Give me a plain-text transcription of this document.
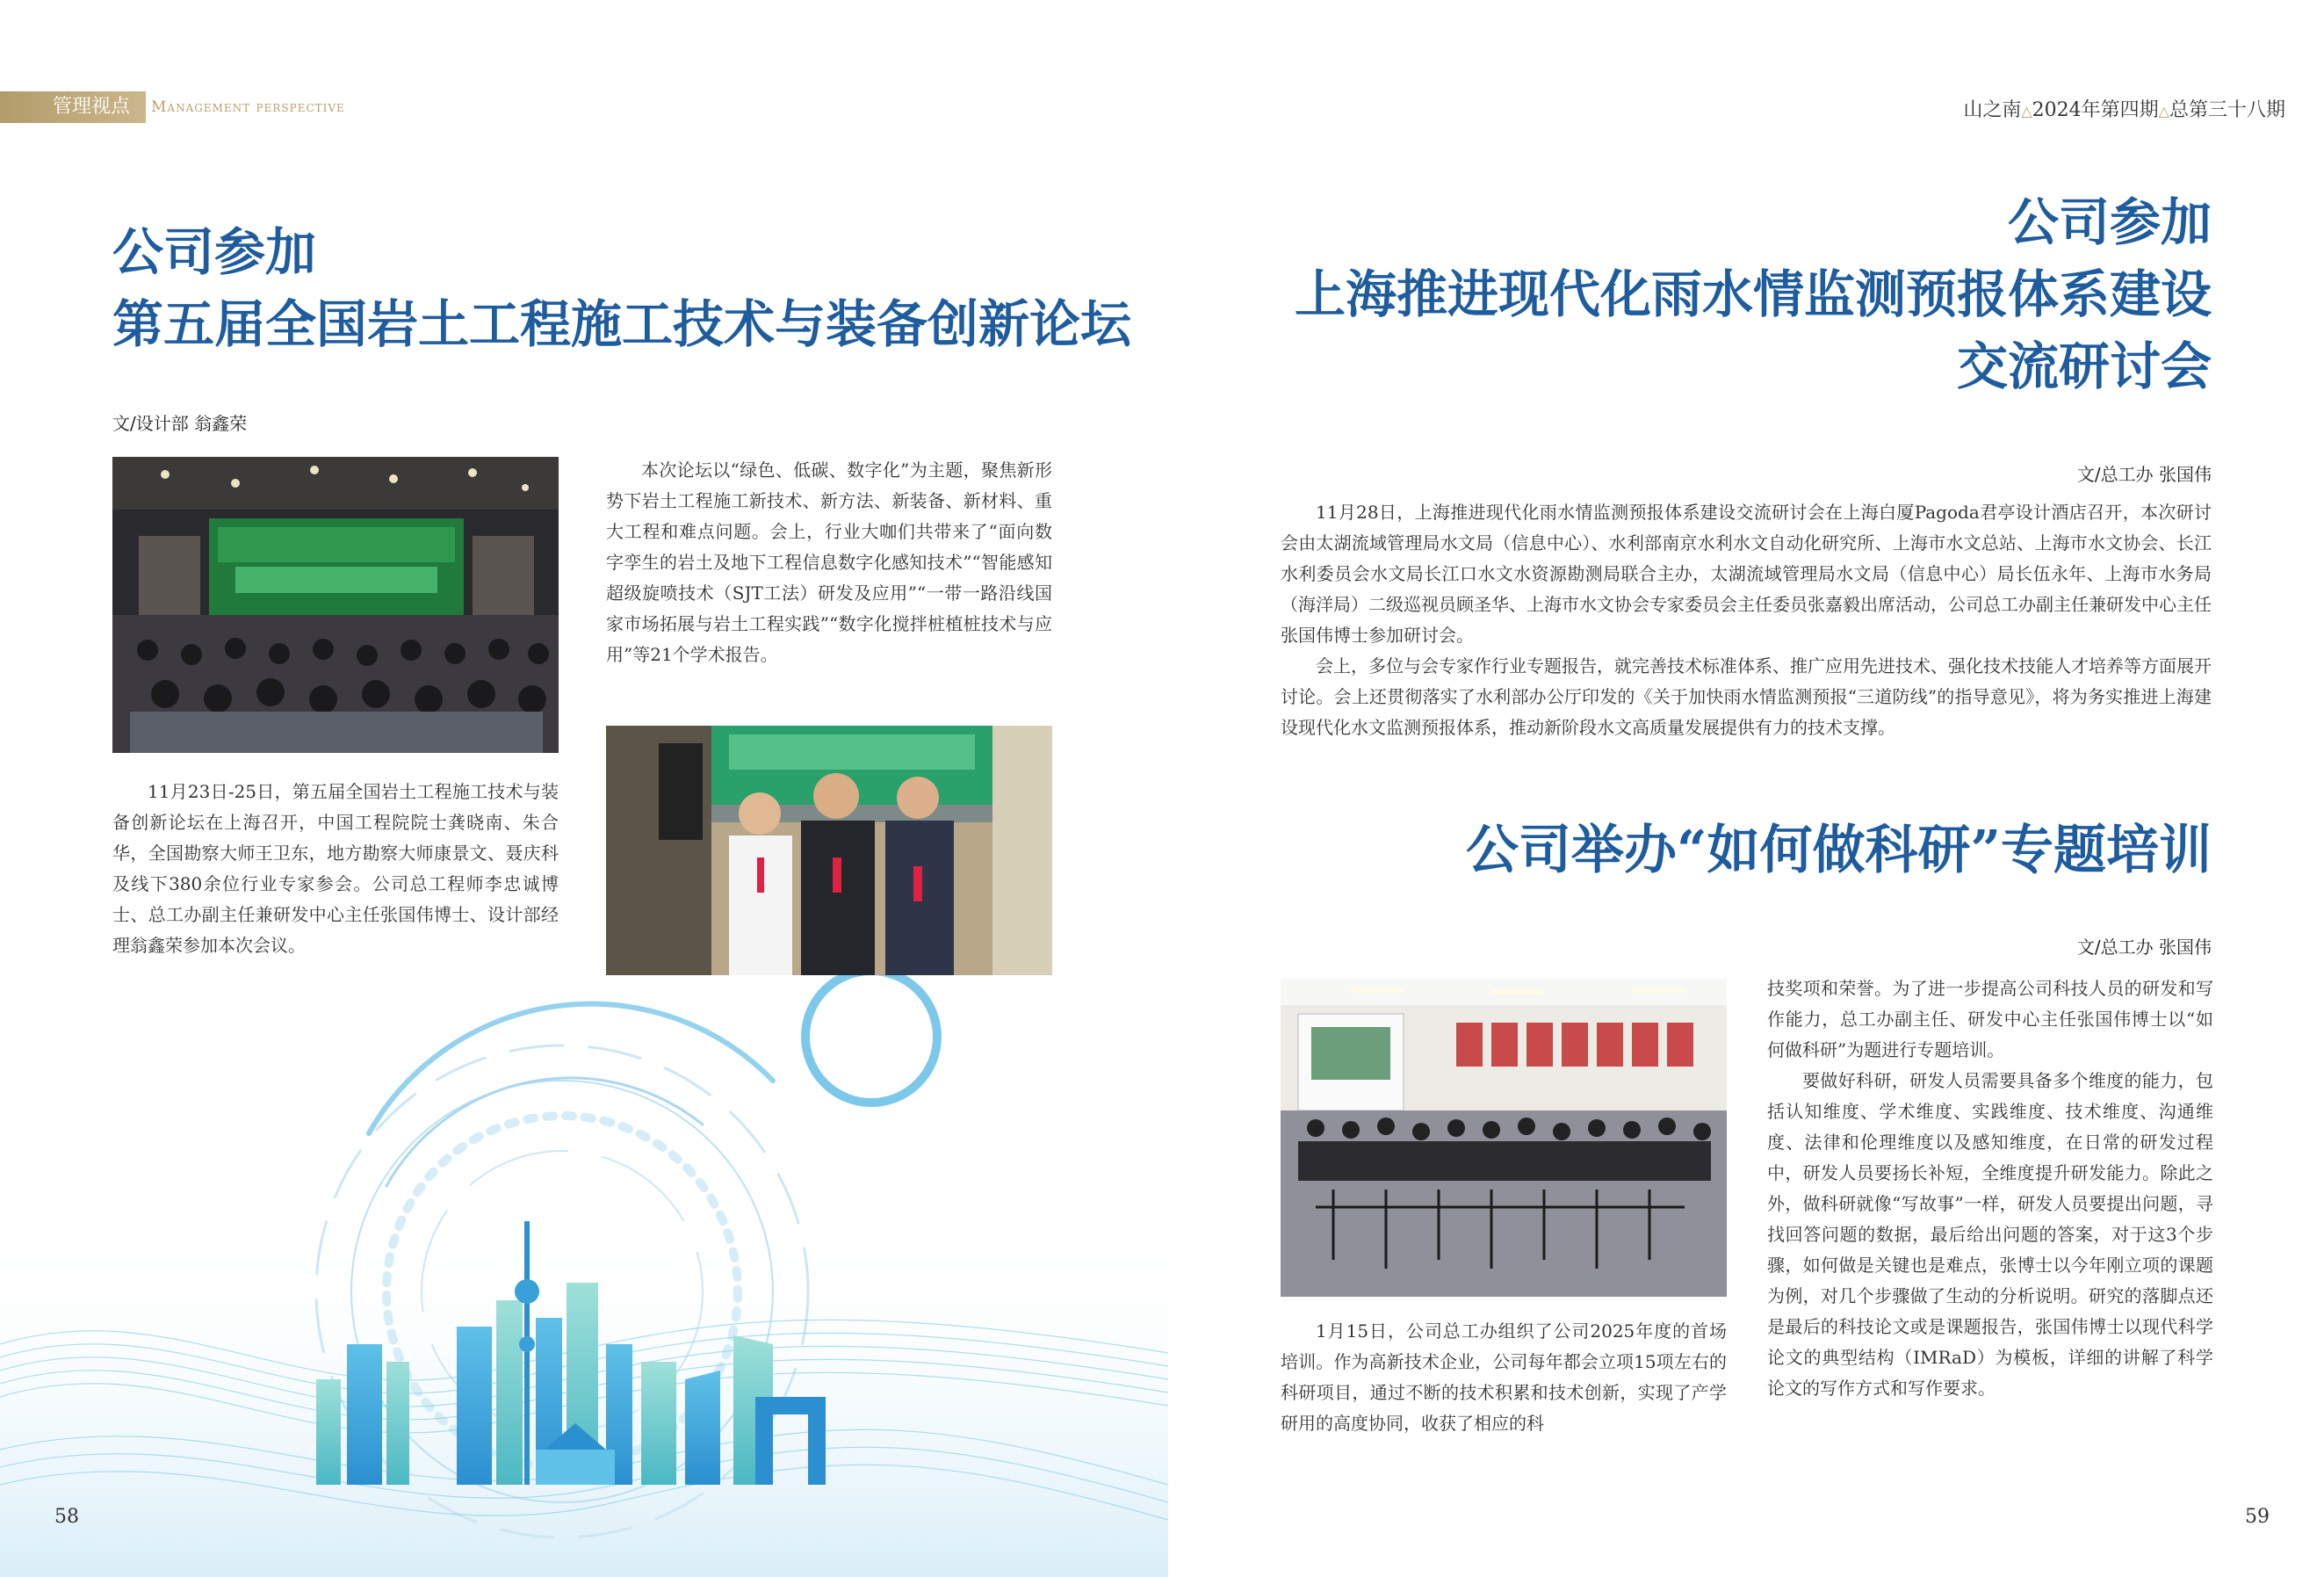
管理视点	Management perspective	山之南△2024年第四期△总第三十八期
公司参加
第五届全国岩土工程施工技术与装备创新论坛
文/设计部 翁鑫荣
本次论坛以“绿色、低碳、数字化”为主题，聚焦新形势下岩土工程施工新技术、新方法、新装备、新材料、重大工程和难点问题。会上，行业大咖们共带来了“面向数字孪生的岩土及地下工程信息数字化感知技术”“智能感知超级旋喷技术（SJT工法）研发及应用”“一带一路沿线国家市场拓展与岩土工程实践”“数字化搅拌桩植桩技术与应用”等21个学术报告。
11月23日-25日，第五届全国岩土工程施工技术与装备创新论坛在上海召开，中国工程院院士龚晓南、朱合华，全国勘察大师王卫东，地方勘察大师康景文、聂庆科及线下380余位行业专家参会。公司总工程师李忠诚博士、总工办副主任兼研发中心主任张国伟博士、设计部经理翁鑫荣参加本次会议。
公司参加
上海推进现代化雨水情监测预报体系建设
交流研讨会
文/总工办 张国伟

11月28日，上海推进现代化雨水情监测预报体系建设交流研讨会在上海白厦Pagoda君亭设计酒店召开，本次研讨会由太湖流域管理局水文局（信息中心）、水利部南京水利水文自动化研究所、上海市水文总站、上海市水文协会、长江水利委员会水文局长江口水文水资源勘测局联合主办，太湖流域管理局水文局（信息中心）局长伍永年、上海市水务局（海洋局）二级巡视员顾圣华、上海市水文协会专家委员会主任委员张嘉毅出席活动，公司总工办副主任兼研发中心主任张国伟博士参加研讨会。

会上，多位与会专家作行业专题报告，就完善技术标准体系、推广应用先进技术、强化技术技能人才培养等方面展开讨论。会上还贯彻落实了水利部办公厅印发的《关于加快雨水情监测预报“三道防线”的指导意见》，将为务实推进上海建设现代化水文监测预报体系，推动新阶段水文高质量发展提供有力的技术支撑。

公司举办“如何做科研”专题培训
文/总工办 张国伟
1月15日，公司总工办组织了公司2025年度的首场培训。作为高新技术企业，公司每年都会立项15项左右的科研项目，通过不断的技术积累和技术创新，实现了产学研用的高度协同，收获了相应的科

技奖项和荣誉。为了进一步提高公司科技人员的研发和写作能力，总工办副主任、研发中心主任张国伟博士以“如何做科研”为题进行专题培训。

要做好科研，研发人员需要具备多个维度的能力，包括认知维度、学术维度、实践维度、技术维度、沟通维度、法律和伦理维度以及感知维度，在日常的研发过程中，研发人员要扬长补短，全维度提升研发能力。除此之外，做科研就像“写故事”一样，研发人员要提出问题，寻找回答问题的数据，最后给出问题的答案，对于这3个步骤，如何做是关键也是难点，张博士以今年刚立项的课题为例，对几个步骤做了生动的分析说明。研究的落脚点还是最后的科技论文或是课题报告，张国伟博士以现代科学论文的典型结构（IMRaD）为模板，详细的讲解了科学论文的写作方式和写作要求。

58	59
